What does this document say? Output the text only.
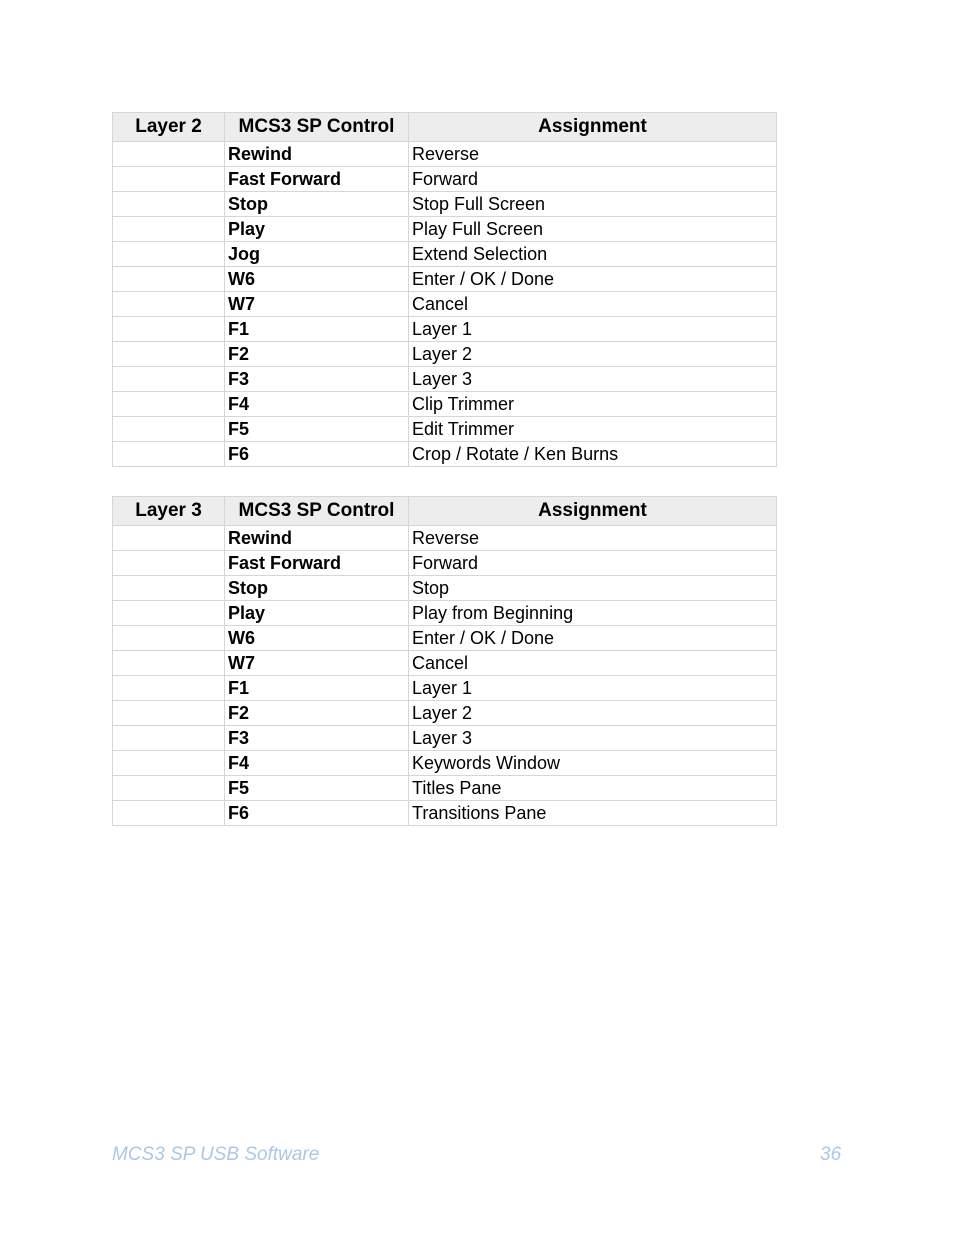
Layer 2	MCS3 SP Control	Assignment
	Rewind	Reverse
	Fast Forward	Forward
	Stop	Stop Full Screen
	Play	Play Full Screen
	Jog	Extend Selection
	W6	Enter / OK / Done
	W7	Cancel
	F1	Layer 1
	F2	Layer 2
	F3	Layer 3
	F4	Clip Trimmer
	F5	Edit Trimmer
	F6	Crop / Rotate / Ken Burns
Layer 3	MCS3 SP Control	Assignment
	Rewind	Reverse
	Fast Forward	Forward
	Stop	Stop
	Play	Play from Beginning
	W6	Enter / OK / Done
	W7	Cancel
	F1	Layer 1
	F2	Layer 2
	F3	Layer 3
	F4	Keywords Window
	F5	Titles Pane
	F6	Transitions Pane
MCS3 SP USB Software	36
